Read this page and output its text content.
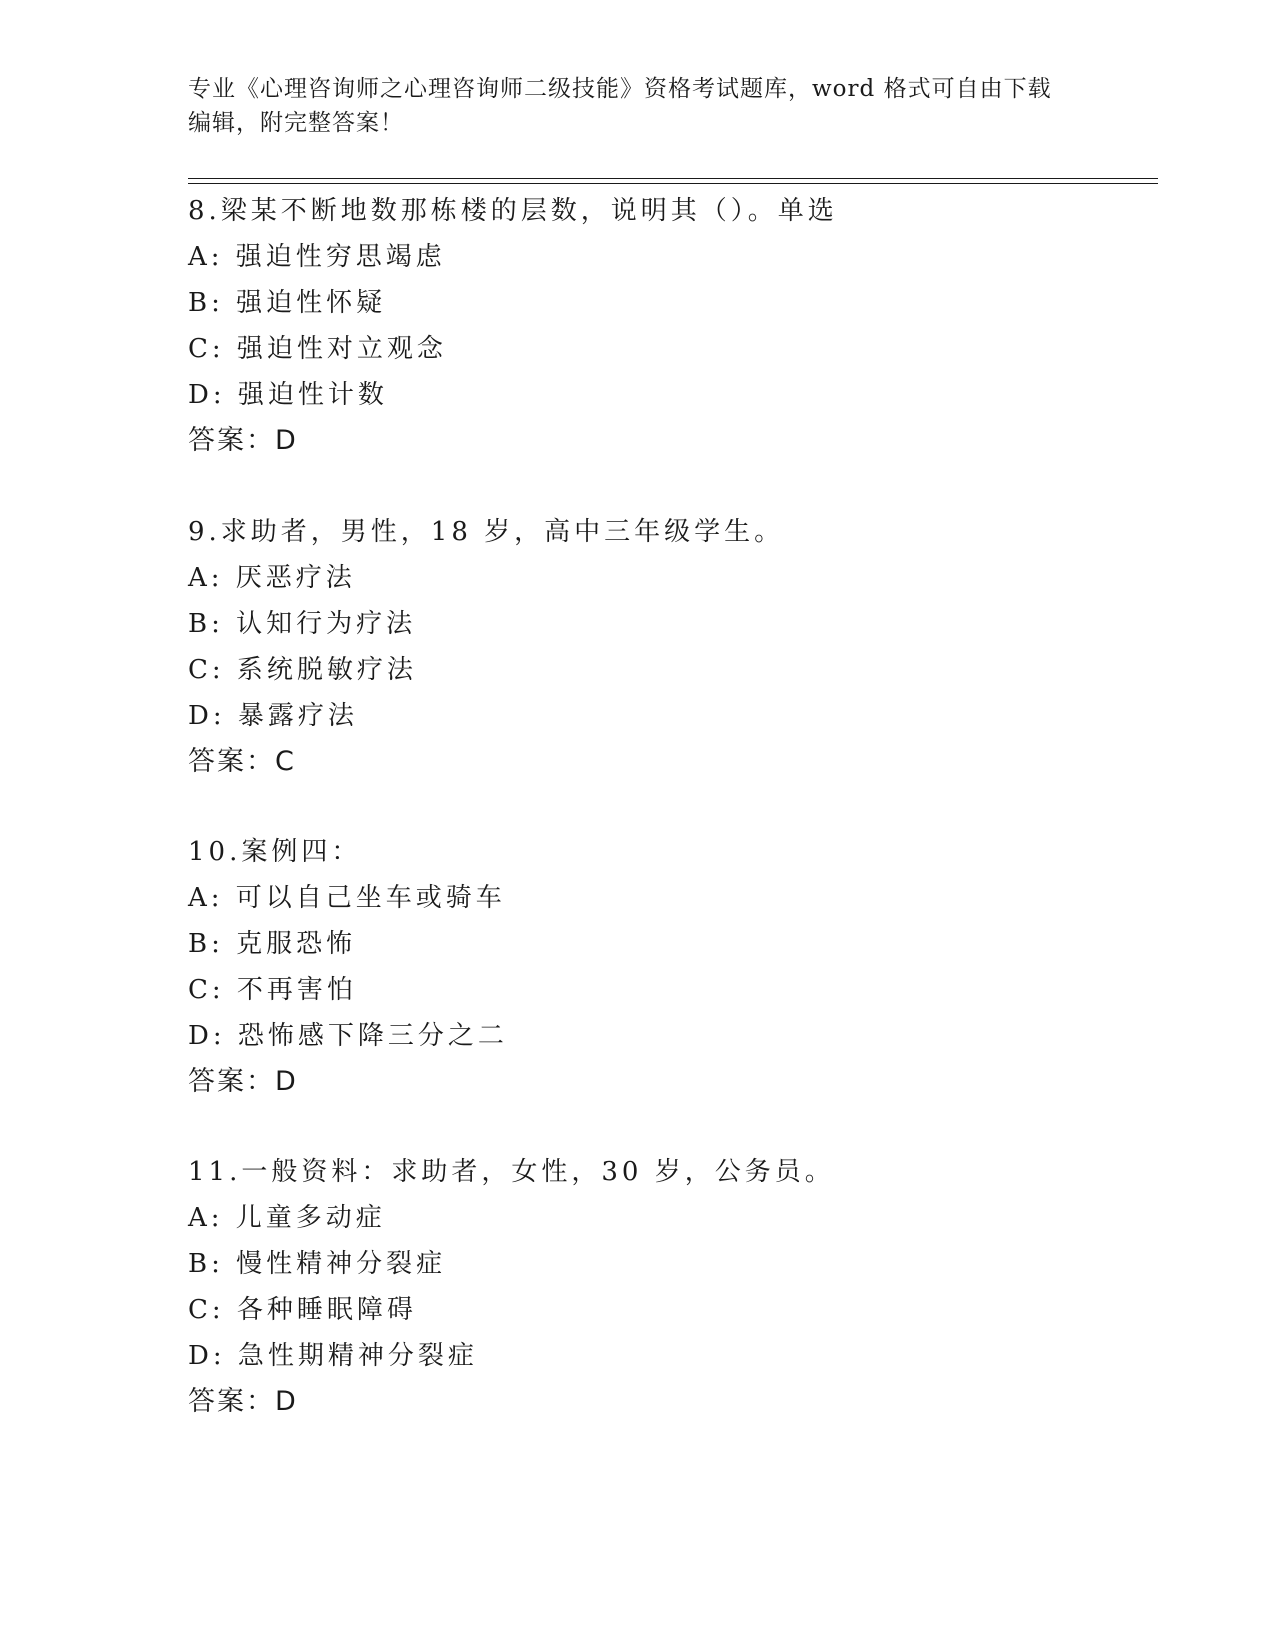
专业《心理咨询师之心理咨询师二级技能》资格考试题库，word 格式可自由下载
编辑，附完整答案！
8.梁某不断地数那栋楼的层数，说明其（）。单选
A: 强迫性穷思竭虑
B: 强迫性怀疑
C: 强迫性对立观念
D: 强迫性计数
答案：D
9.求助者，男性，18 岁，高中三年级学生。
A: 厌恶疗法
B: 认知行为疗法
C: 系统脱敏疗法
D: 暴露疗法
答案：C
10.案例四：
A: 可以自己坐车或骑车
B: 克服恐怖
C: 不再害怕
D: 恐怖感下降三分之二
答案：D
11.一般资料：求助者，女性，30 岁，公务员。
A: 儿童多动症
B: 慢性精神分裂症
C: 各种睡眠障碍
D: 急性期精神分裂症
答案：D
